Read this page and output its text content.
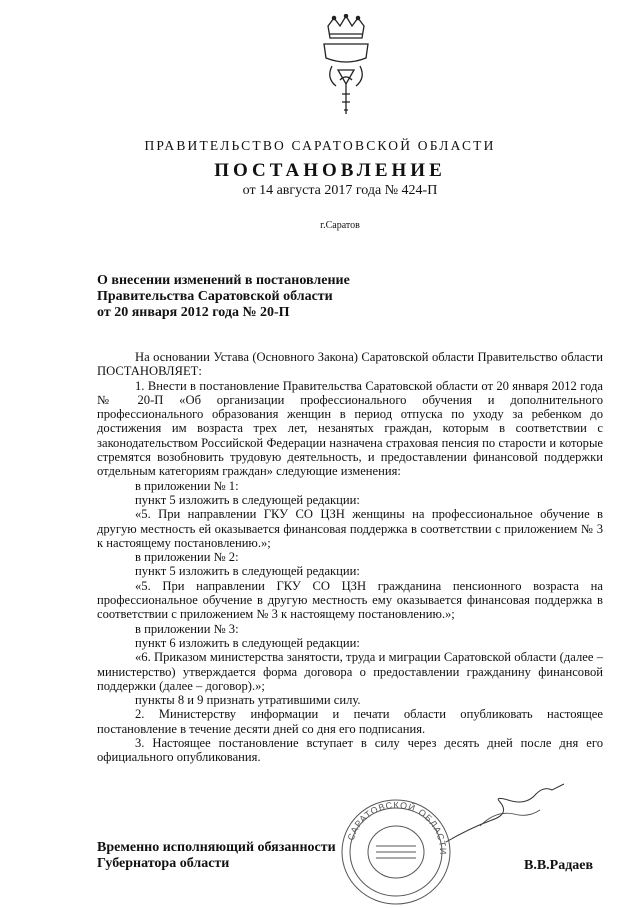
ПРАВИТЕЛЬСТВО САРАТОВСКОЙ ОБЛАСТИ
ПОСТАНОВЛЕНИЕ
от 14 августа 2017 года № 424-П
г.Саратов
О внесении изменений в постановление
Правительства Саратовской области
от 20 января 2012 года № 20-П

На основании Устава (Основного Закона) Саратовской области Правительство области ПОСТАНОВЛЯЕТ:

1. Внести в постановление Правительства Саратовской области от 20 января 2012 года № 20-П «Об организации профессионального обучения и дополнительного профессионального образования женщин в период отпуска по уходу за ребенком до достижения им возраста трех лет, незанятых граждан, которым в соответствии с законодательством Российской Федерации назначена страховая пенсия по старости и которые стремятся возобновить трудовую деятельность, и предоставлении финансовой поддержки отдельным категориям граждан» следующие изменения:

в приложении № 1:

пункт 5 изложить в следующей редакции:

«5. При направлении ГКУ СО ЦЗН женщины на профессиональное обучение в другую местность ей оказывается финансовая поддержка в соответствии с приложением № 3 к настоящему постановлению.»;

в приложении № 2:

пункт 5 изложить в следующей редакции:

«5. При направлении ГКУ СО ЦЗН гражданина пенсионного возраста на профессиональное обучение в другую местность ему оказывается финансовая поддержка в соответствии с приложением № 3 к настоящему постановлению.»;

в приложении № 3:

пункт 6 изложить в следующей редакции:

«6. Приказом министерства занятости, труда и миграции Саратовской области (далее – министерство) утверждается форма договора о предоставлении гражданину финансовой поддержки (далее – договор).»;

пункты 8 и 9 признать утратившими силу.

2. Министерству информации и печати области опубликовать настоящее постановление в течение десяти дней со дня его подписания.

3. Настоящее постановление вступает в силу через десять дней после дня его официального опубликования.

САРАТОВСКОЙ ОБЛАСТИ
Временно исполняющий обязанности
Губернатора области	В.В.Радаев
